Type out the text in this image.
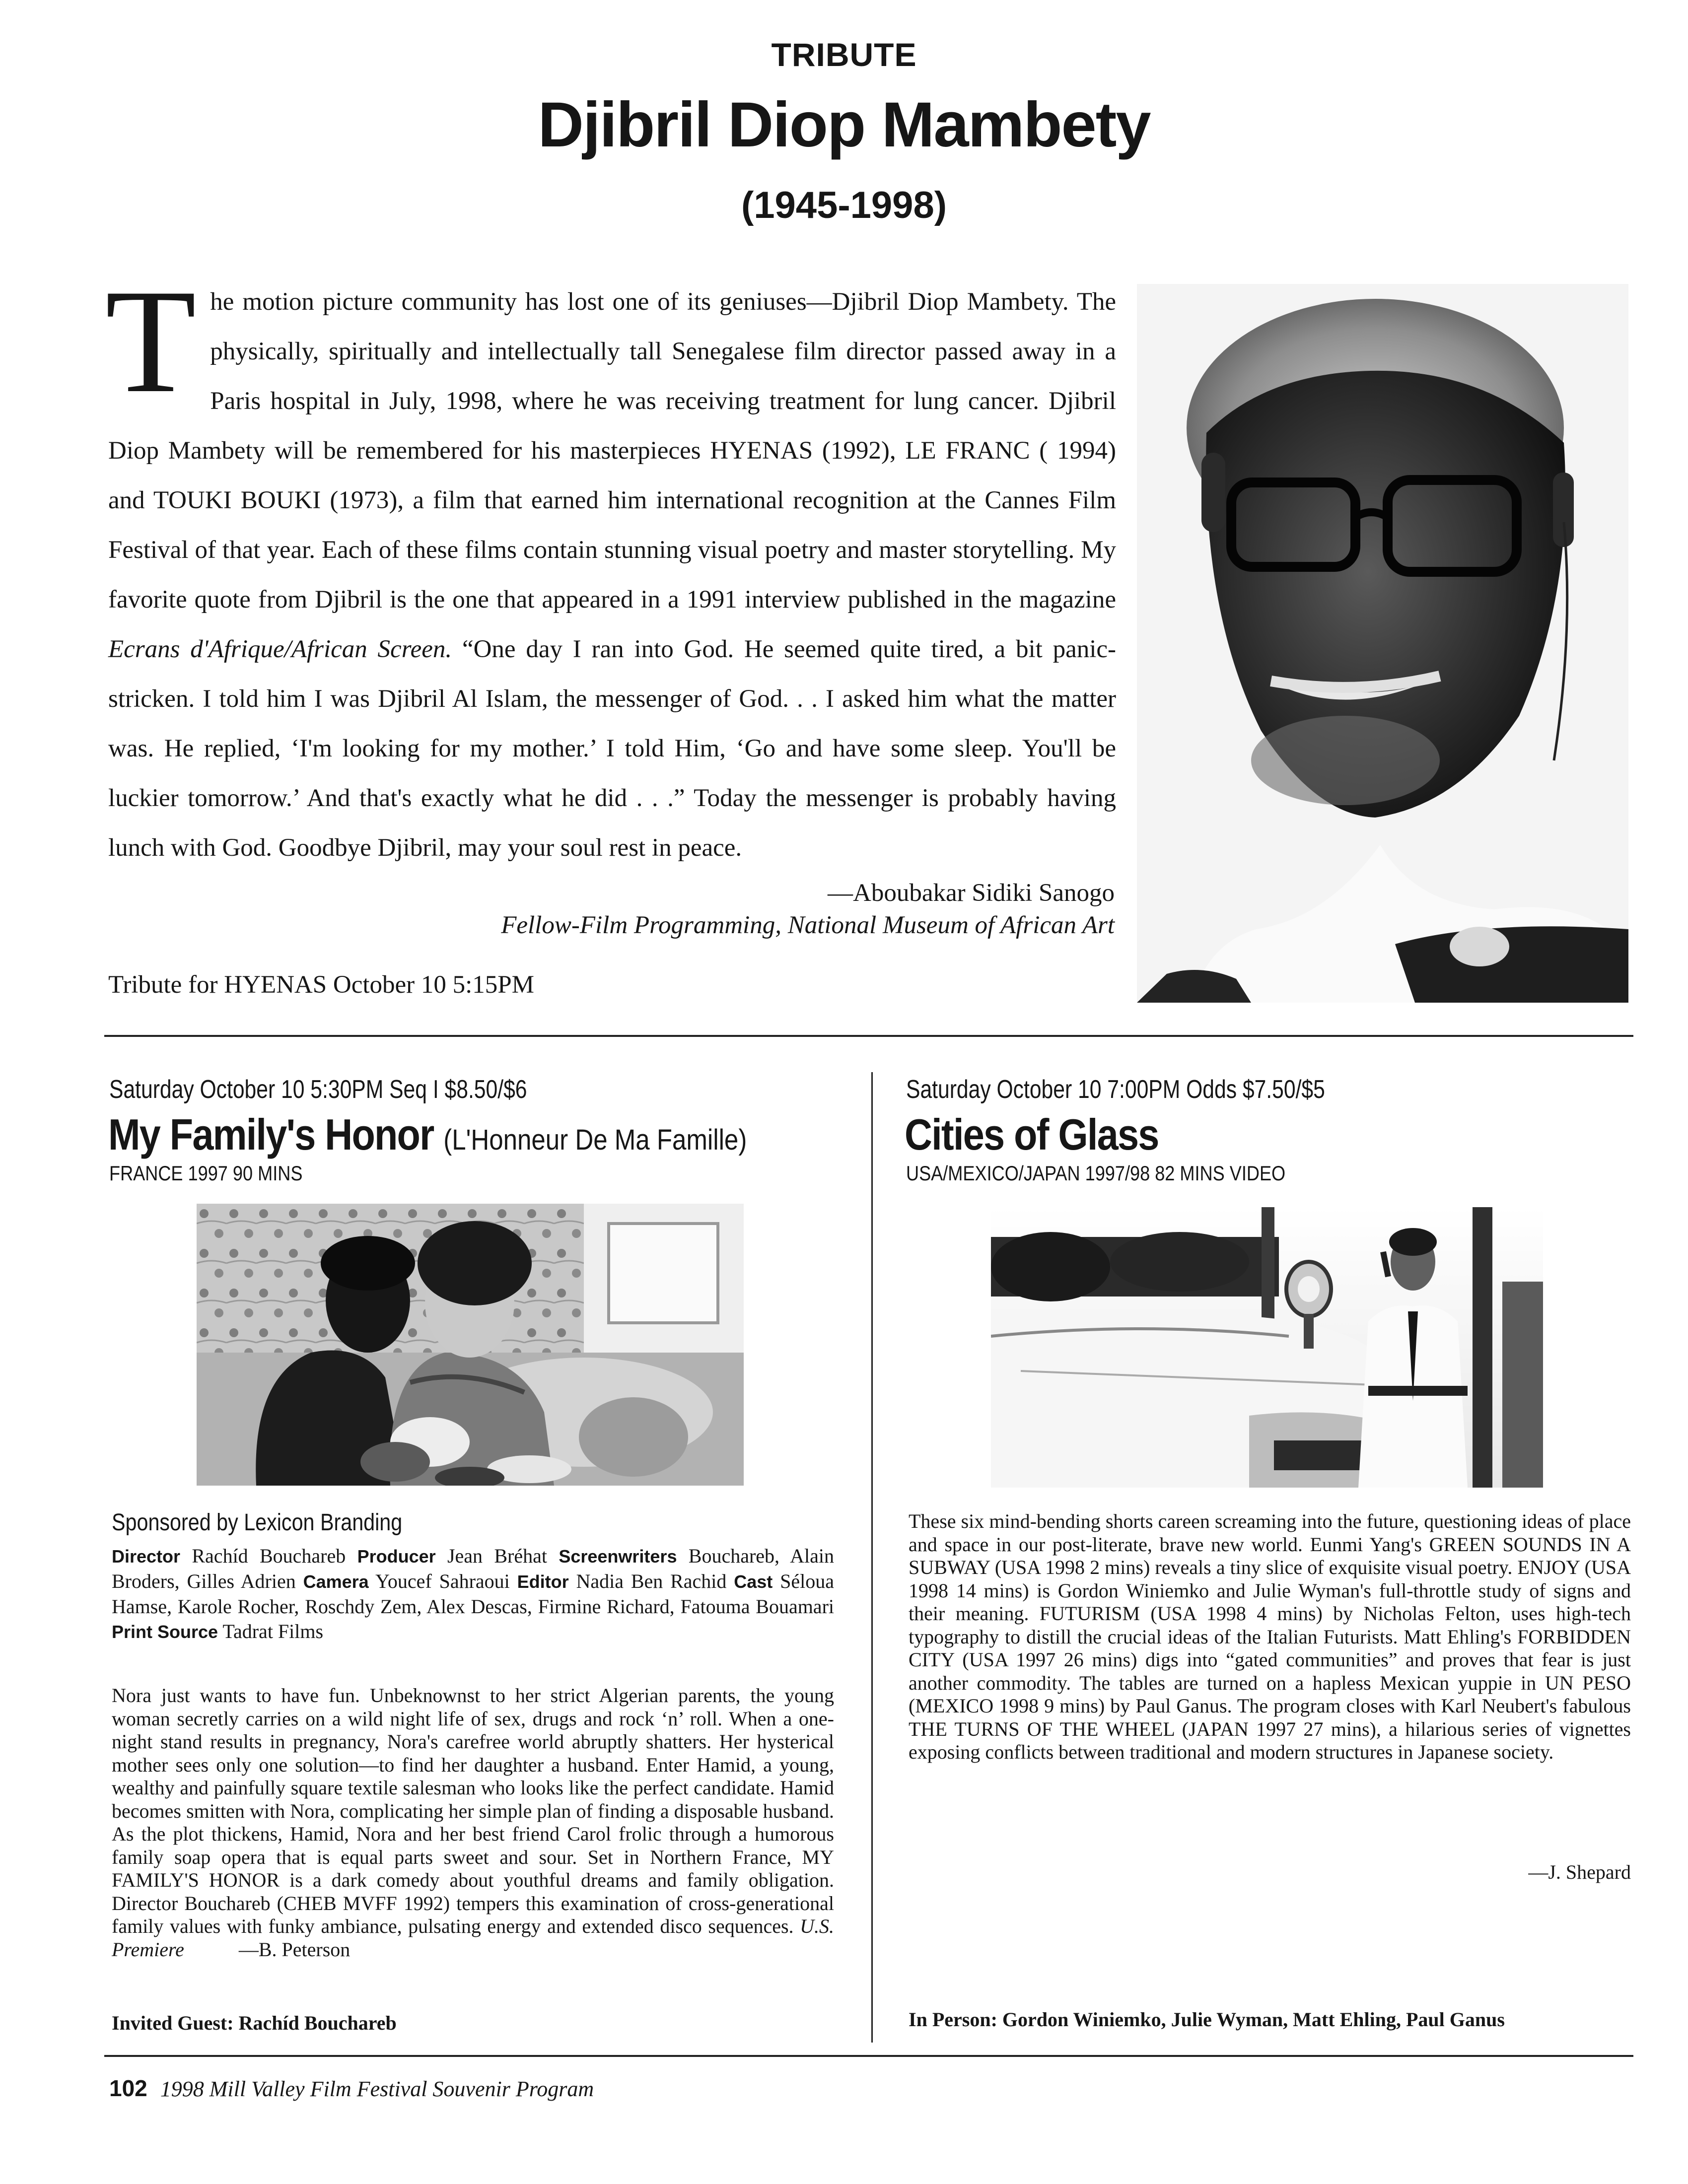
TRIBUTE
Djibril Diop Mambety
(1945-1998)
The motion picture community has lost one of its geniuses—Djibril Diop Mambety. The physically, spiritually and intellectually tall Senegalese film director passed away in a Paris hospital in July, 1998, where he was receiving treatment for lung cancer. Djibril Diop Mambety will be remembered for his masterpieces HYENAS (1992), LE FRANC ( 1994) and TOUKI BOUKI (1973), a film that earned him international recognition at the Cannes Film Festival of that year. Each of these films contain stunning visual poetry and master storytelling. My favorite quote from Djibril is the one that appeared in a 1991 interview published in the magazine Ecrans d'Afrique/African Screen. “One day I ran into God. He seemed quite tired, a bit panic-stricken. I told him I was Djibril Al Islam, the messenger of God. . . I asked him what the matter was. He replied, ‘I'm looking for my mother.’ I told Him, ‘Go and have some sleep. You'll be luckier tomorrow.’ And that's exactly what he did . . .” Today the messenger is probably having lunch with God. Goodbye Djibril, may your soul rest in peace.
—Aboubakar Sidiki Sanogo
Fellow-Film Programming, National Museum of African Art
Tribute for HYENAS October 10 5:15PM
Saturday October 10 5:30PM Seq I $8.50/$6
My Family's Honor (L'Honneur De Ma Famille)
FRANCE 1997 90 MINS
Sponsored by Lexicon Branding
Director Rachíd Bouchareb Producer Jean Bréhat Screenwriters Bouchareb, Alain Broders, Gilles Adrien Camera Youcef Sahraoui Editor Nadia Ben Rachid Cast Séloua Hamse, Karole Rocher, Roschdy Zem, Alex Descas, Firmine Richard, Fatouma Bouamari Print Source Tadrat Films
Nora just wants to have fun. Unbeknownst to her strict Algerian parents, the young woman secretly carries on a wild night life of sex, drugs and rock ‘n’ roll. When a one-night stand results in pregnancy, Nora's carefree world abruptly shatters. Her hysterical mother sees only one solution—to find her daughter a husband. Enter Hamid, a young, wealthy and painfully square textile salesman who looks like the perfect candidate. Hamid becomes smitten with Nora, complicating her simple plan of finding a disposable husband. As the plot thickens, Hamid, Nora and her best friend Carol frolic through a humorous family soap opera that is equal parts sweet and sour. Set in Northern France, MY FAMILY'S HONOR is a dark comedy about youthful dreams and family obligation. Director Bouchareb (CHEB MVFF 1992) tempers this examination of cross-generational family values with funky ambiance, pulsating energy and extended disco sequences. U.S. Premiere	—B. Peterson
Invited Guest: Rachíd Bouchareb
Saturday October 10 7:00PM Odds $7.50/$5
Cities of Glass
USA/MEXICO/JAPAN 1997/98 82 MINS VIDEO
These six mind-bending shorts careen screaming into the future, questioning ideas of place and space in our post-literate, brave new world. Eunmi Yang's GREEN SOUNDS IN A SUBWAY (USA 1998 2 mins) reveals a tiny slice of exquisite visual poetry. ENJOY (USA 1998 14 mins) is Gordon Winiemko and Julie Wyman's full-throttle study of signs and their meaning. FUTURISM (USA 1998 4 mins) by Nicholas Felton, uses high-tech typography to distill the crucial ideas of the Italian Futurists. Matt Ehling's FORBIDDEN CITY (USA 1997 26 mins) digs into “gated communities” and proves that fear is just another commodity. The tables are turned on a hapless Mexican yuppie in UN PESO (MEXICO 1998 9 mins) by Paul Ganus. The program closes with Karl Neubert's fabulous THE TURNS OF THE WHEEL (JAPAN 1997 27 mins), a hilarious series of vignettes exposing conflicts between traditional and modern structures in Japanese society.
—J. Shepard
In Person: Gordon Winiemko, Julie Wyman, Matt Ehling, Paul Ganus
102 1998 Mill Valley Film Festival Souvenir Program
